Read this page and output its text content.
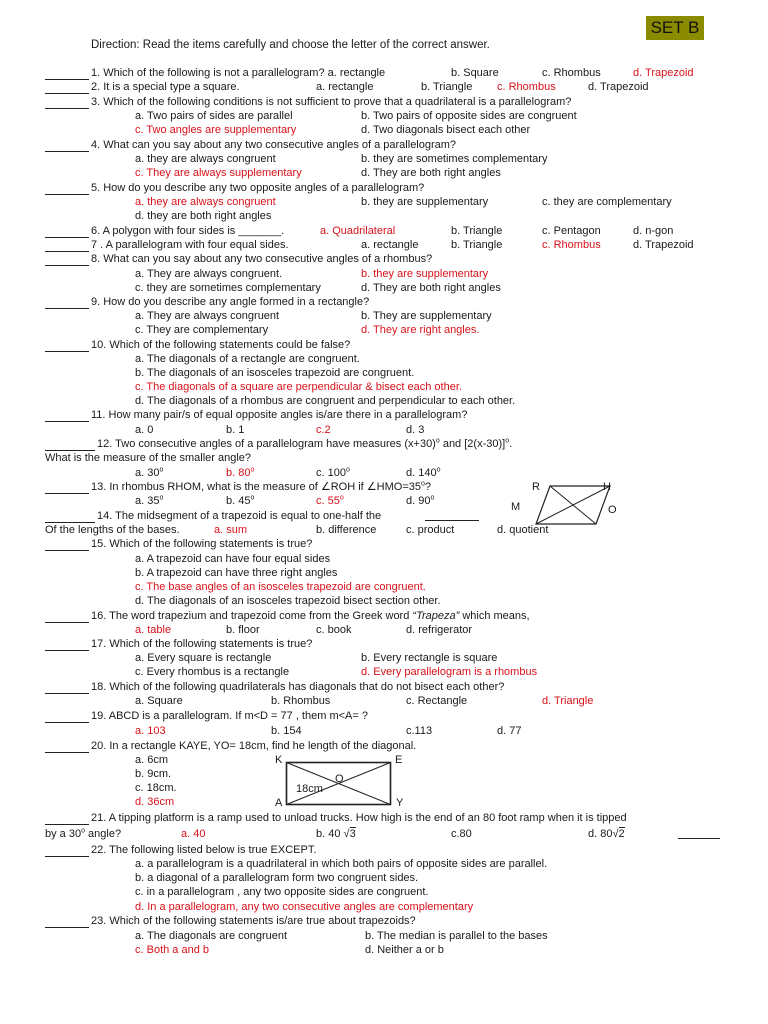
SET B
Direction: Read the items carefully and choose the letter of the correct answer.
1. Which of the following is not a parallelogram? a. rectangle	b. Square	c. Rhombus	d. Trapezoid
2. It is a special type a square.	a. rectangle	b. Triangle c. Rhombus	d. Trapezoid
3. Which of the following conditions is not sufficient to prove that a quadrilateral is a parallelogram?
a. Two pairs of sides are parallel	b. Two pairs of opposite sides are congruent
c. Two angles are supplementary	d. Two diagonals bisect each other
4. What can you say about any two consecutive angles of a parallelogram?
a. they are always congruent	b. they are sometimes complementary
c. They are always supplementary	d. They are both right angles
5. How do you describe any two opposite angles of a parallelogram?
a. they are always congruent	b. they are supplementary	c. they are complementary
d. they are both right angles
6. A polygon with four sides is _______.	a. Quadrilateral	b. Triangle	c. Pentagon	d. n-gon
7 . A parallelogram with four equal sides.	a. rectangle	b. Triangle	c. Rhombus	d. Trapezoid
8. What can you say about any two consecutive angles of a rhombus?
a. They are always congruent.	b. they are supplementary
c. they are sometimes complementary	d. They are both right angles
9. How do you describe any angle formed in a rectangle?
a. They are always congruent	b. They are supplementary
c. They are complementary	d. They are right angles.
10. Which of the following statements could be false?
a. The diagonals of a rectangle are congruent.
b. The diagonals of an isosceles trapezoid are congruent.
c. The diagonals of a square are perpendicular & bisect each other.
d. The diagonals of a rhombus are congruent and perpendicular to each other.
11. How many pair/s of equal opposite angles is/are there in a parallelogram?
a. 0	b. 1	c.2	d. 3
12. Two consecutive angles of a parallelogram have measures $(x+30)^o$ and $[2(x-30)]^o$.
What is the measure of the smaller angle?
a. 30$^o$	b. 80$^o$	c. 100$^o$	d. 140$^o$
13. In rhombus RHOM, what is the measure of ∠ROH if $\angle HMO=35^o$?
a. 35$^o$	b. 45$^o$	c. 55$^o$	d. 90$^o$
R	H
M	O
14. The midsegment of a trapezoid is equal to one-half the
Of the lengths of the bases.	a. sum	b. difference	c. product	d. quotient
15. Which of the following statements is true?
a. A trapezoid can have four equal sides
b. A trapezoid can have three right angles
c. The base angles of an isosceles trapezoid are congruent.
d. The diagonals of an isosceles trapezoid bisect section other.
16. The word trapezium and trapezoid come from the Greek word “Trapeza” which means,
a. table	b. floor	c. book	d. refrigerator
17. Which of the following statements is true?
a. Every square is rectangle	b. Every rectangle is square
c. Every rhombus is a rectangle	d. Every parallelogram is a rhombus
18. Which of the following quadrilaterals has diagonals that do not bisect each other?
a. Square	b. Rhombus	c. Rectangle	d. Triangle
19. ABCD is a parallelogram. If m<D = 77 , them m<A= ?
a. 103	b. 154	c.113	d. 77
20. In a rectangle KAYE, YO= 18cm, find he length of the diagonal.
a. 6cm
b. 9cm.
c. 18cm.
d. 36cm
K	E
O
18cm
A	Y
21. A tipping platform is a ramp used to unload trucks. How high is the end of an 80 foot ramp when it is tipped
by a 30$^o$ angle?	a. 40	b. 40 √3	c.80	d. 80√2
22. The following listed below is true EXCEPT.
a. a parallelogram is a quadrilateral in which both pairs of opposite sides are parallel.
b. a diagonal of a parallelogram form two congruent sides.
c. in a parallelogram , any two opposite sides are congruent.
d. In a parallelogram, any two consecutive angles are complementary
23. Which of the following statements is/are true about trapezoids?
a. The diagonals are congruent	b. The median is parallel to the bases
c. Both a and b	d. Neither a or b
